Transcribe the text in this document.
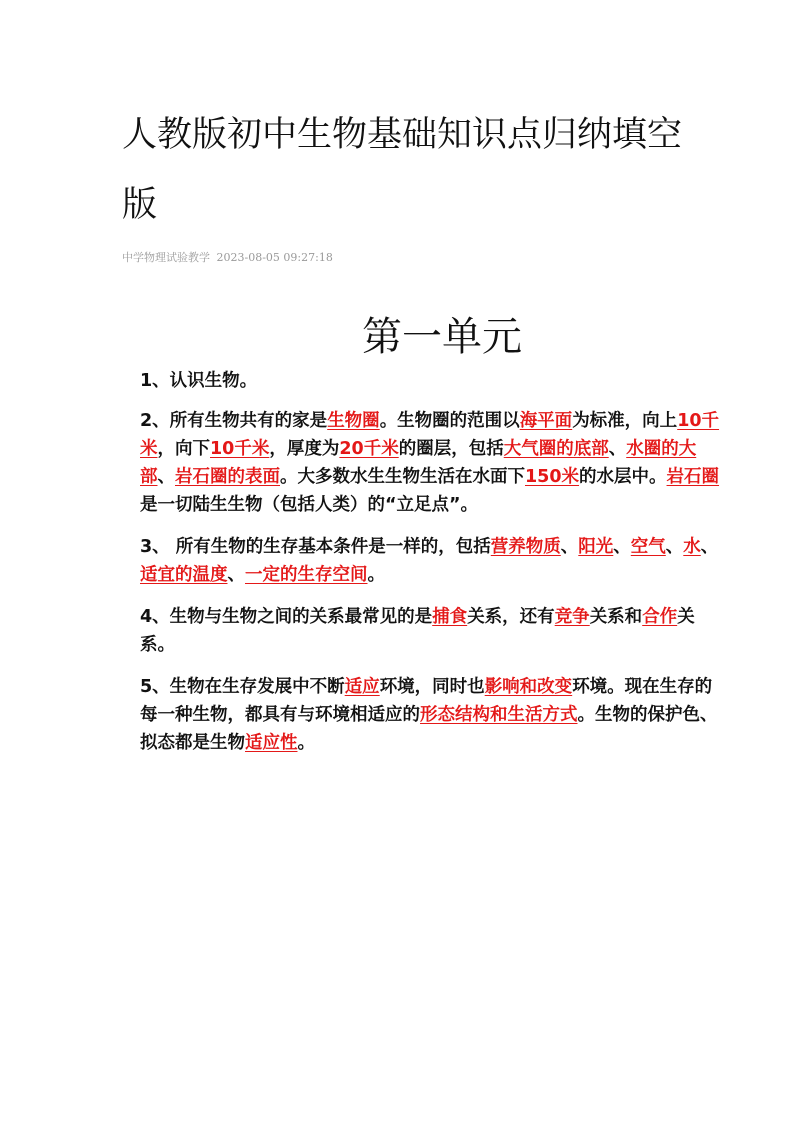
人教版初中生物基础知识点归纳填空版
中学物理试验教学 2023-08-05 09:27:18
第一单元
1、认识生物。
2、所有生物共有的家是生物圈。生物圈的范围以海平面为标准，向上10千米，向下10千米，厚度为20千米的圈层，包括大气圈的底部、水圈的大部、岩石圈的表面。大多数水生生物生活在水面下150米的水层中。岩石圈是一切陆生生物（包括人类）的“立足点”。
3、 所有生物的生存基本条件是一样的，包括营养物质、阳光、空气、水、适宜的温度、一定的生存空间。
4、生物与生物之间的关系最常见的是捕食关系，还有竞争关系和合作关系。
5、生物在生存发展中不断适应环境，同时也影响和改变环境。现在生存的每一种生物，都具有与环境相适应的形态结构和生活方式。生物的保护色、拟态都是生物适应性。
